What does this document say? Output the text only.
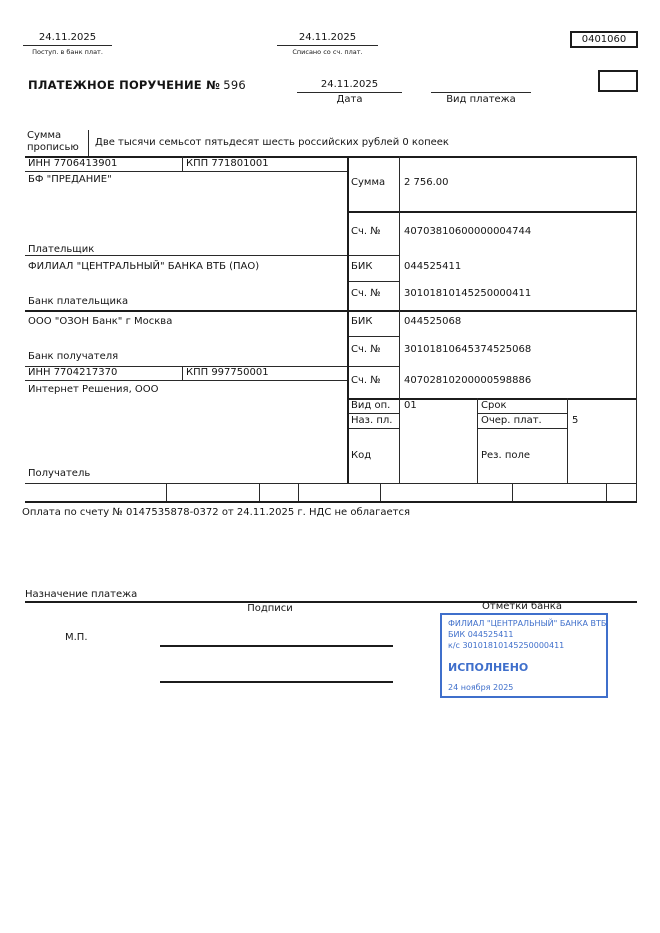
24.11.2025
Поступ. в банк плат.
24.11.2025
Списано со сч. плат.
0401060
ПЛАТЕЖНОЕ ПОРУЧЕНИЕ № 596	24.11.2025
Дата	Вид платежа
Сумма
прописью Две тысячи семьсот пятьдесят шесть российских рублей 0 копеек
ИНН 7706413901	КПП 771801001
БФ "ПРЕДАНИЕ"
Плательщик
ФИЛИАЛ "ЦЕНТРАЛЬНЫЙ" БАНКА ВТБ (ПАО)
Банк плательщика
ООО "ОЗОН Банк" г Москва
Банк получателя
ИНН 7704217370	КПП 997750001
Интернет Решения, ООО
Получатель
Сумма 2 756.00
Сч. № 40703810600000004744
БИК	044525411
Сч. № 30101810145250000411
БИК	044525068
Сч. № 30101810645374525068
Сч. № 40702810200000598886
Вид оп. 01	Срок
Наз. пл.	Очер. плат.	5
Код	Рез. поле
Оплата по счету № 0147535878-0372 от 24.11.2025 г. НДС не облагается
Назначение платежа
Подписи	Отметки банка
М.П.
ФИЛИАЛ "ЦЕНТРАЛЬНЫЙ" БАНКА ВТБ
БИК 044525411
к/с 30101810145250000411
ИСПОЛНЕНО
24 ноября 2025
